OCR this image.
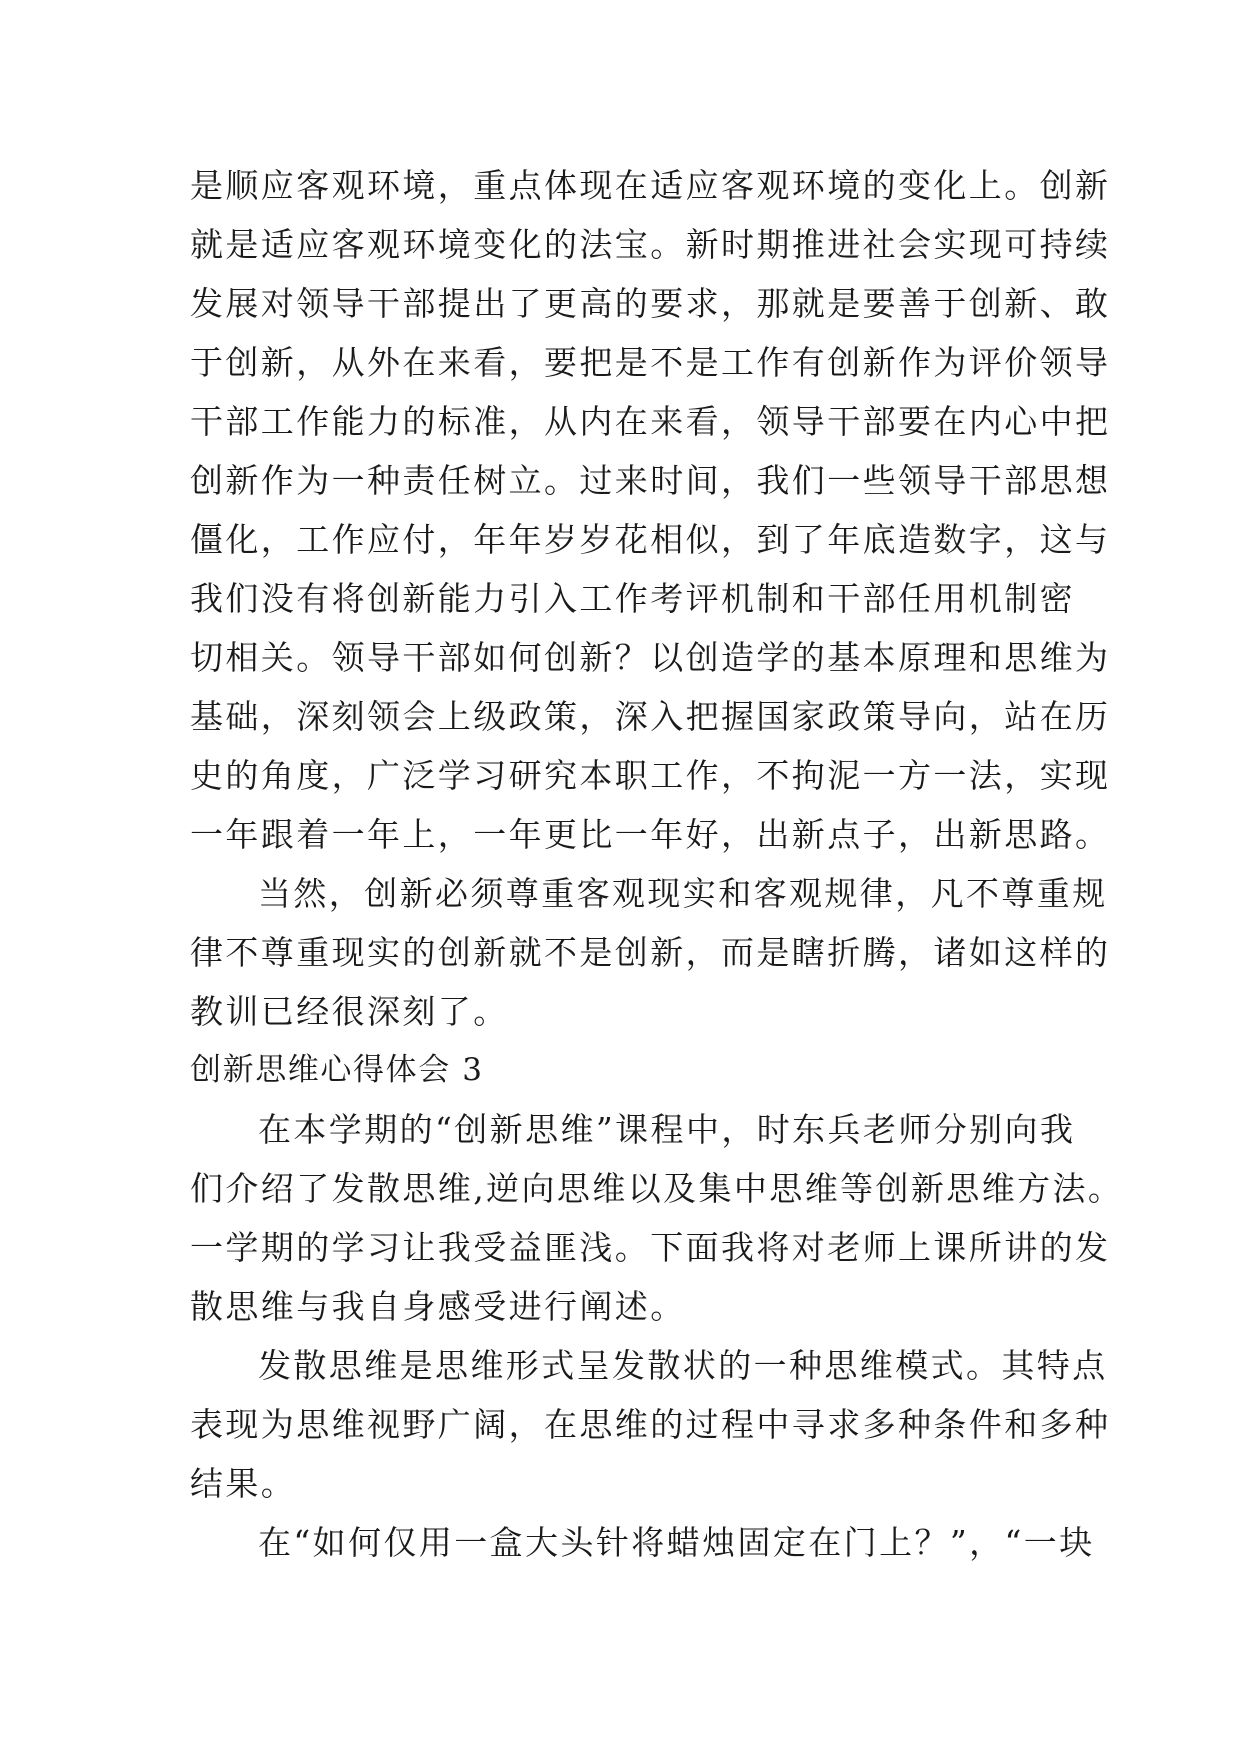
是顺应客观环境，重点体现在适应客观环境的变化上。创新
就是适应客观环境变化的法宝。新时期推进社会实现可持续
发展对领导干部提出了更高的要求，那就是要善于创新、敢
于创新，从外在来看，要把是不是工作有创新作为评价领导
干部工作能力的标准，从内在来看，领导干部要在内心中把
创新作为一种责任树立。过来时间，我们一些领导干部思想
僵化，工作应付，年年岁岁花相似，到了年底造数字，这与
我们没有将创新能力引入工作考评机制和干部任用机制密
切相关。领导干部如何创新？以创造学的基本原理和思维为
基础，深刻领会上级政策，深入把握国家政策导向，站在历
史的角度，广泛学习研究本职工作，不拘泥一方一法，实现
一年跟着一年上，一年更比一年好，出新点子，出新思路。
当然，创新必须尊重客观现实和客观规律，凡不尊重规
律不尊重现实的创新就不是创新，而是瞎折腾，诸如这样的
教训已经很深刻了。
创新思维心得体会 3
在本学期的“创新思维”课程中，时东兵老师分别向我
们介绍了发散思维,逆向思维以及集中思维等创新思维方法。
一学期的学习让我受益匪浅。下面我将对老师上课所讲的发
散思维与我自身感受进行阐述。
发散思维是思维形式呈发散状的一种思维模式。其特点
表现为思维视野广阔，在思维的过程中寻求多种条件和多种
结果。
在“如何仅用一盒大头针将蜡烛固定在门上？”，“一块
